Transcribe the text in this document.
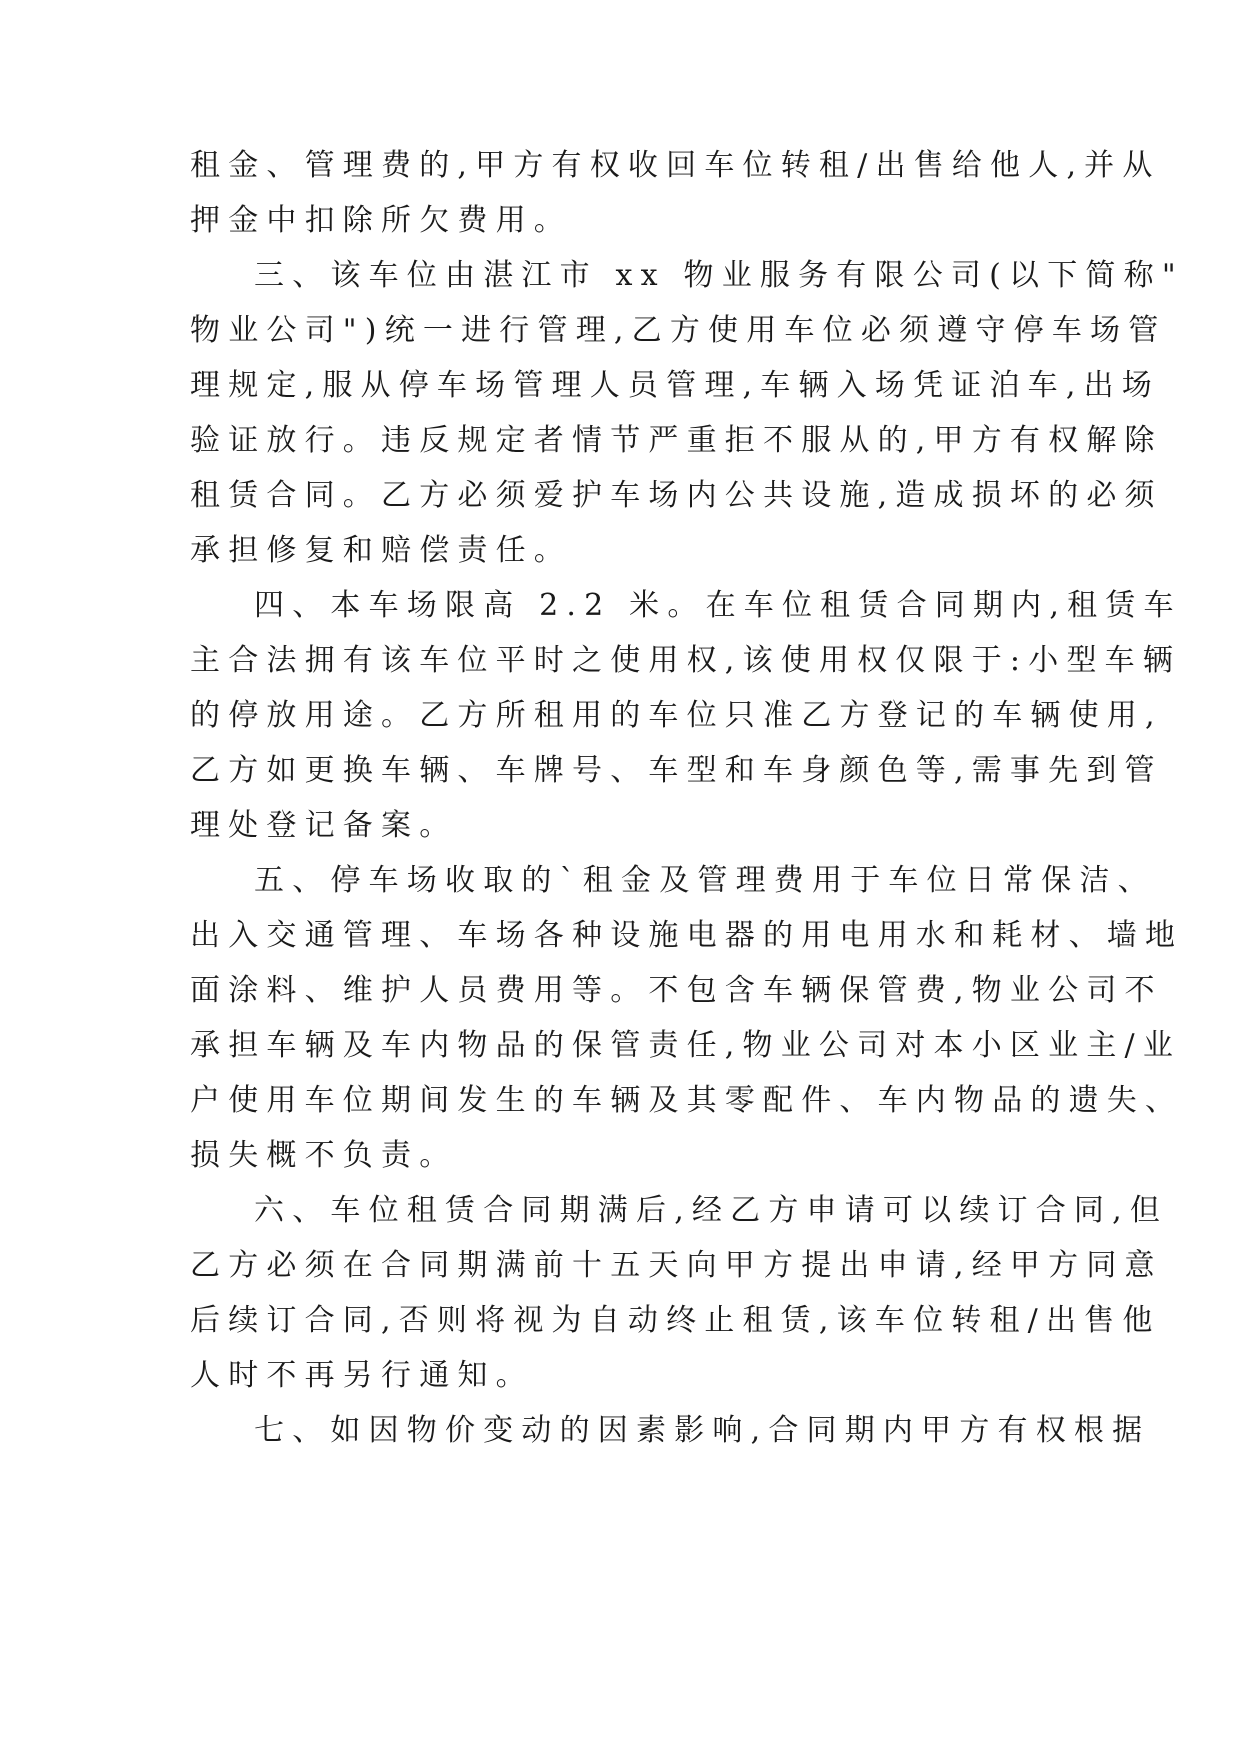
租金、管理费的,甲方有权收回车位转租/出售给他人,并从
押金中扣除所欠费用。
三、该车位由湛江市 xx 物业服务有限公司(以下简称"
物业公司")统一进行管理,乙方使用车位必须遵守停车场管
理规定,服从停车场管理人员管理,车辆入场凭证泊车,出场
验证放行。违反规定者情节严重拒不服从的,甲方有权解除
租赁合同。乙方必须爱护车场内公共设施,造成损坏的必须
承担修复和赔偿责任。
四、本车场限高 2.2 米。在车位租赁合同期内,租赁车
主合法拥有该车位平时之使用权,该使用权仅限于:小型车辆
的停放用途。乙方所租用的车位只准乙方登记的车辆使用,
乙方如更换车辆、车牌号、车型和车身颜色等,需事先到管
理处登记备案。
五、停车场收取的`租金及管理费用于车位日常保洁、
出入交通管理、车场各种设施电器的用电用水和耗材、墙地
面涂料、维护人员费用等。不包含车辆保管费,物业公司不
承担车辆及车内物品的保管责任,物业公司对本小区业主/业
户使用车位期间发生的车辆及其零配件、车内物品的遗失、
损失概不负责。
六、车位租赁合同期满后,经乙方申请可以续订合同,但
乙方必须在合同期满前十五天向甲方提出申请,经甲方同意
后续订合同,否则将视为自动终止租赁,该车位转租/出售他
人时不再另行通知。
七、如因物价变动的因素影响,合同期内甲方有权根据
